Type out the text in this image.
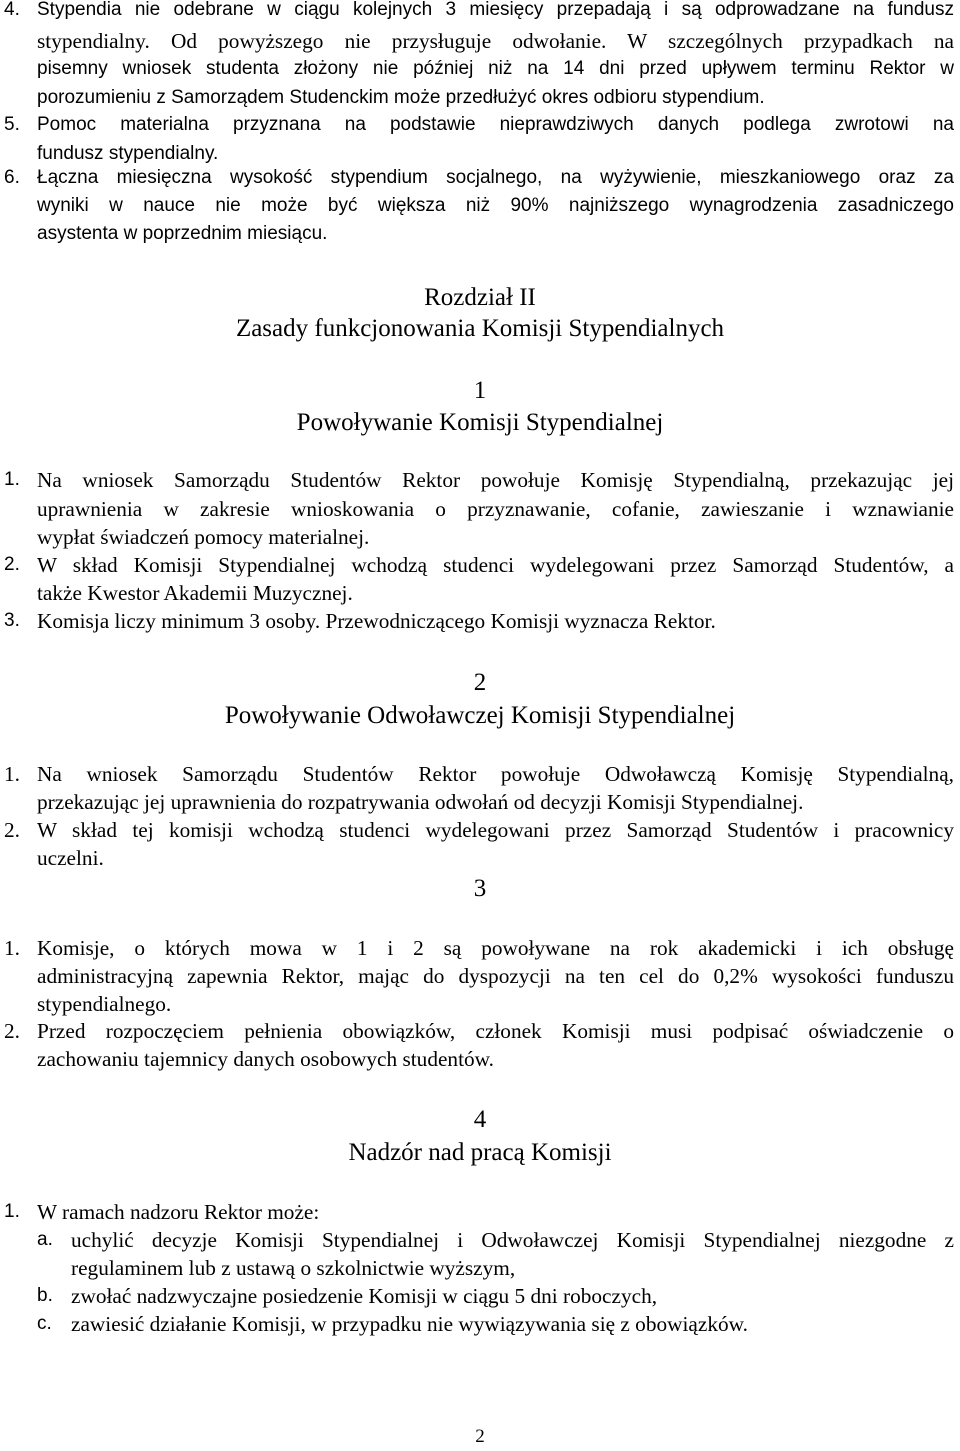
4. Stypendia nie odebrane w ciągu kolejnych 3 miesięcy przepadają i są odprowadzane na fundusz
stypendialny. Od powyższego nie przysługuje odwołanie. W szczególnych przypadkach na
pisemny wniosek studenta złożony nie później niż na 14 dni przed upływem terminu Rektor w
porozumieniu z Samorządem Studenckim może przedłużyć okres odbioru stypendium.
5. Pomoc materialna przyznana na podstawie nieprawdziwych danych podlega zwrotowi na
fundusz stypendialny.
6. Łączna miesięczna wysokość stypendium socjalnego, na wyżywienie, mieszkaniowego oraz za
wyniki w nauce nie może być większa niż 90% najniższego wynagrodzenia zasadniczego
asystenta w poprzednim miesiącu.
Rozdział II
Zasady funkcjonowania Komisji Stypendialnych
1
Powoływanie Komisji Stypendialnej
1. Na wniosek Samorządu Studentów Rektor powołuje Komisję Stypendialną, przekazując jej
uprawnienia w zakresie wnioskowania o przyznawanie, cofanie, zawieszanie i wznawianie
wypłat świadczeń pomocy materialnej.
2. W skład Komisji Stypendialnej wchodzą studenci wydelegowani przez Samorząd Studentów, a
także Kwestor Akademii Muzycznej.
3. Komisja liczy minimum 3 osoby. Przewodniczącego Komisji wyznacza Rektor.
2
Powoływanie Odwoławczej Komisji Stypendialnej
1. Na wniosek Samorządu Studentów Rektor powołuje Odwoławczą Komisję Stypendialną,
przekazując jej uprawnienia do rozpatrywania odwołań od decyzji Komisji Stypendialnej.
2. W skład tej komisji wchodzą studenci wydelegowani przez Samorząd Studentów i pracownicy
uczelni.
3
1. Komisje, o których mowa w 1 i 2 są powoływane na rok akademicki i ich obsługę
administracyjną zapewnia Rektor, mając do dyspozycji na ten cel do 0,2% wysokości funduszu
stypendialnego.
2. Przed rozpoczęciem pełnienia obowiązków, członek Komisji musi podpisać oświadczenie o
zachowaniu tajemnicy danych osobowych studentów.
4
Nadzór nad pracą Komisji
1. W ramach nadzoru Rektor może:
a. uchylić decyzje Komisji Stypendialnej i Odwoławczej Komisji Stypendialnej niezgodne z
regulaminem lub z ustawą o szkolnictwie wyższym,
b. zwołać nadzwyczajne posiedzenie Komisji w ciągu 5 dni roboczych,
c. zawiesić działanie Komisji, w przypadku nie wywiązywania się z obowiązków.
2
